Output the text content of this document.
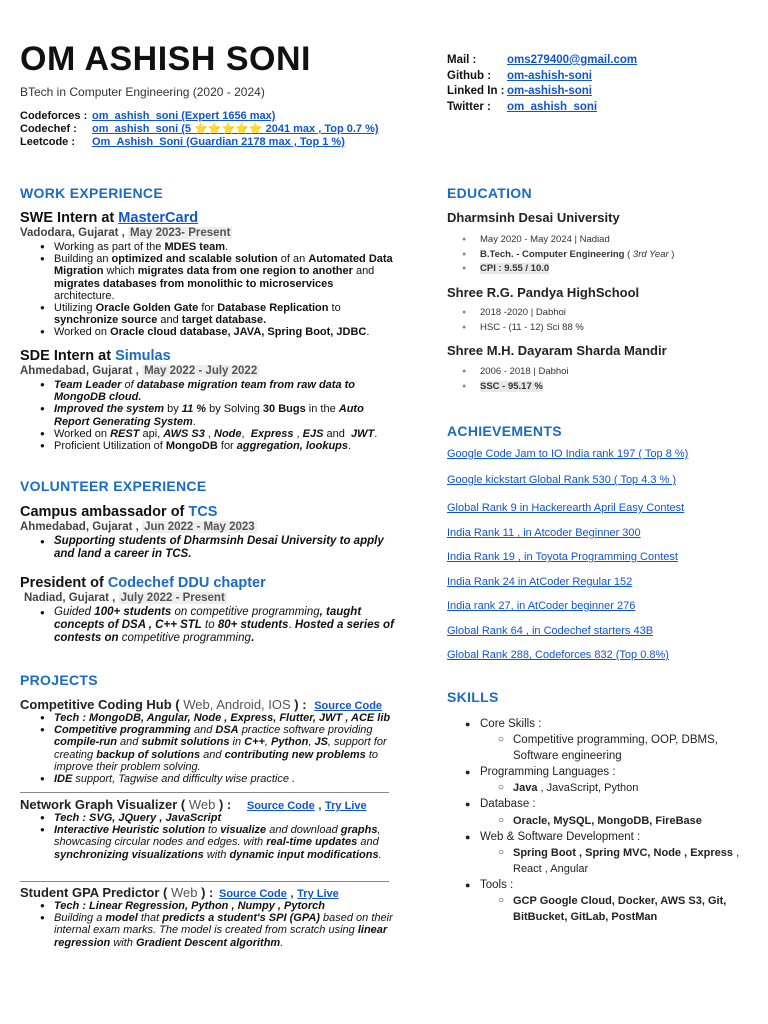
OM ASHISH SONI
BTech in Computer Engineering (2020 - 2024)
Codeforces : om_ashish_soni (Expert 1656 max)
Codechef : om_ashish_soni (5 ⭐⭐⭐⭐⭐ 2041 max , Top 0.7 %)
Leetcode : Om_Ashish_Soni (Guardian 2178 max , Top 1 %)
Mail :	oms279400@gmail.com
Github : om-ashish-soni
Linked In : om-ashish-soni
Twitter : om_ashish_soni
WORK EXPERIENCE
SWE Intern at MasterCard
Vadodara, Gujarat , May 2023- Present
● Working as part of the MDES team.
● Building an optimized and scalable solution of an Automated Data Migration which migrates data from one region to another and migrates databases from monolithic to microservices architecture.
● Utilizing Oracle Golden Gate for Database Replication to synchronize source and target database.
● Worked on Oracle cloud database, JAVA, Spring Boot, JDBC.
SDE Intern at Simulas
Ahmedabad, Gujarat , May 2022 - July 2022
● Team Leader of database migration team from raw data to MongoDB cloud.
● Improved the system by 11 % by Solving 30 Bugs in the Auto Report Generating System.
● Worked on REST api, AWS S3 , Node,  Express , EJS and  JWT.
● Proficient Utilization of MongoDB for aggregation, lookups.
VOLUNTEER EXPERIENCE
Campus ambassador of TCS
Ahmedabad, Gujarat , Jun 2022 - May 2023
● Supporting students of Dharmsinh Desai University to apply and land a career in TCS.
President of Codechef DDU chapter
Nadiad, Gujarat , July 2022 - Present
● Guided 100+ students on competitive programming, taught concepts of DSA , C++ STL to 80+ students. Hosted a series of contests on competitive programming.
PROJECTS
Competitive Coding Hub ( Web, Android, IOS ) : Source Code
● Tech : MongoDB, Angular, Node , Express, Flutter, JWT , ACE lib
● Competitive programming and DSA practice software providing compile-run and submit solutions in C++, Python, JS, support for creating backup of solutions and contributing new problems to improve their problem solving.
● IDE support, Tagwise and difficulty wise practice .
Network Graph Visualizer ( Web ) : Source Code , Try Live
● Tech : SVG, JQuery , JavaScript
● Interactive Heuristic solution to visualize and download graphs, showcasing circular nodes and edges. with real-time updates and  synchronizing visualizations with dynamic input modifications.
Student GPA Predictor ( Web ) : Source Code , Try Live
● Tech : Linear Regression, Python , Numpy , Pytorch
● Building a model that predicts a student's SPI (GPA) based on their internal exam marks. The model is created from scratch using linear regression with Gradient Descent algorithm.
EDUCATION
Dharmsinh Desai University
● May 2020 - May 2024 | Nadiad
● B.Tech. - Computer Engineering ( 3rd Year )
● CPI : 9.55 / 10.0
Shree R.G. Pandya HighSchool
● 2018 -2020 | Dabhoi
● HSC - (11 - 12) Sci 88 %
Shree M.H. Dayaram Sharda Mandir
● 2006 - 2018 | Dabhoi
● SSC - 95.17 %
ACHIEVEMENTS
Google Code Jam to IO India rank 197 ( Top 8 %)
Google kickstart Global Rank 530 ( Top 4.3 % )
Global Rank 9 in Hackerearth April Easy Contest
India Rank 11 , in Atcoder Beginner 300
India Rank 19 , in Toyota Programming Contest
India Rank 24 in AtCoder Regular 152
India rank 27, in AtCoder beginner 276
Global Rank 64 , in Codechef starters 43B
Global Rank 288, Codeforces 832 (Top 0.8%)
SKILLS
● Core Skills :
○ Competitive programming, OOP, DBMS, Software engineering
● Programming Languages :
○ Java , JavaScript, Python
● Database :
○ Oracle, MySQL, MongoDB, FireBase
● Web & Software Development :
○ Spring Boot , Spring MVC, Node , Express , React , Angular
● Tools :
○ GCP Google Cloud, Docker, AWS S3, Git, BitBucket, GitLab, PostMan
